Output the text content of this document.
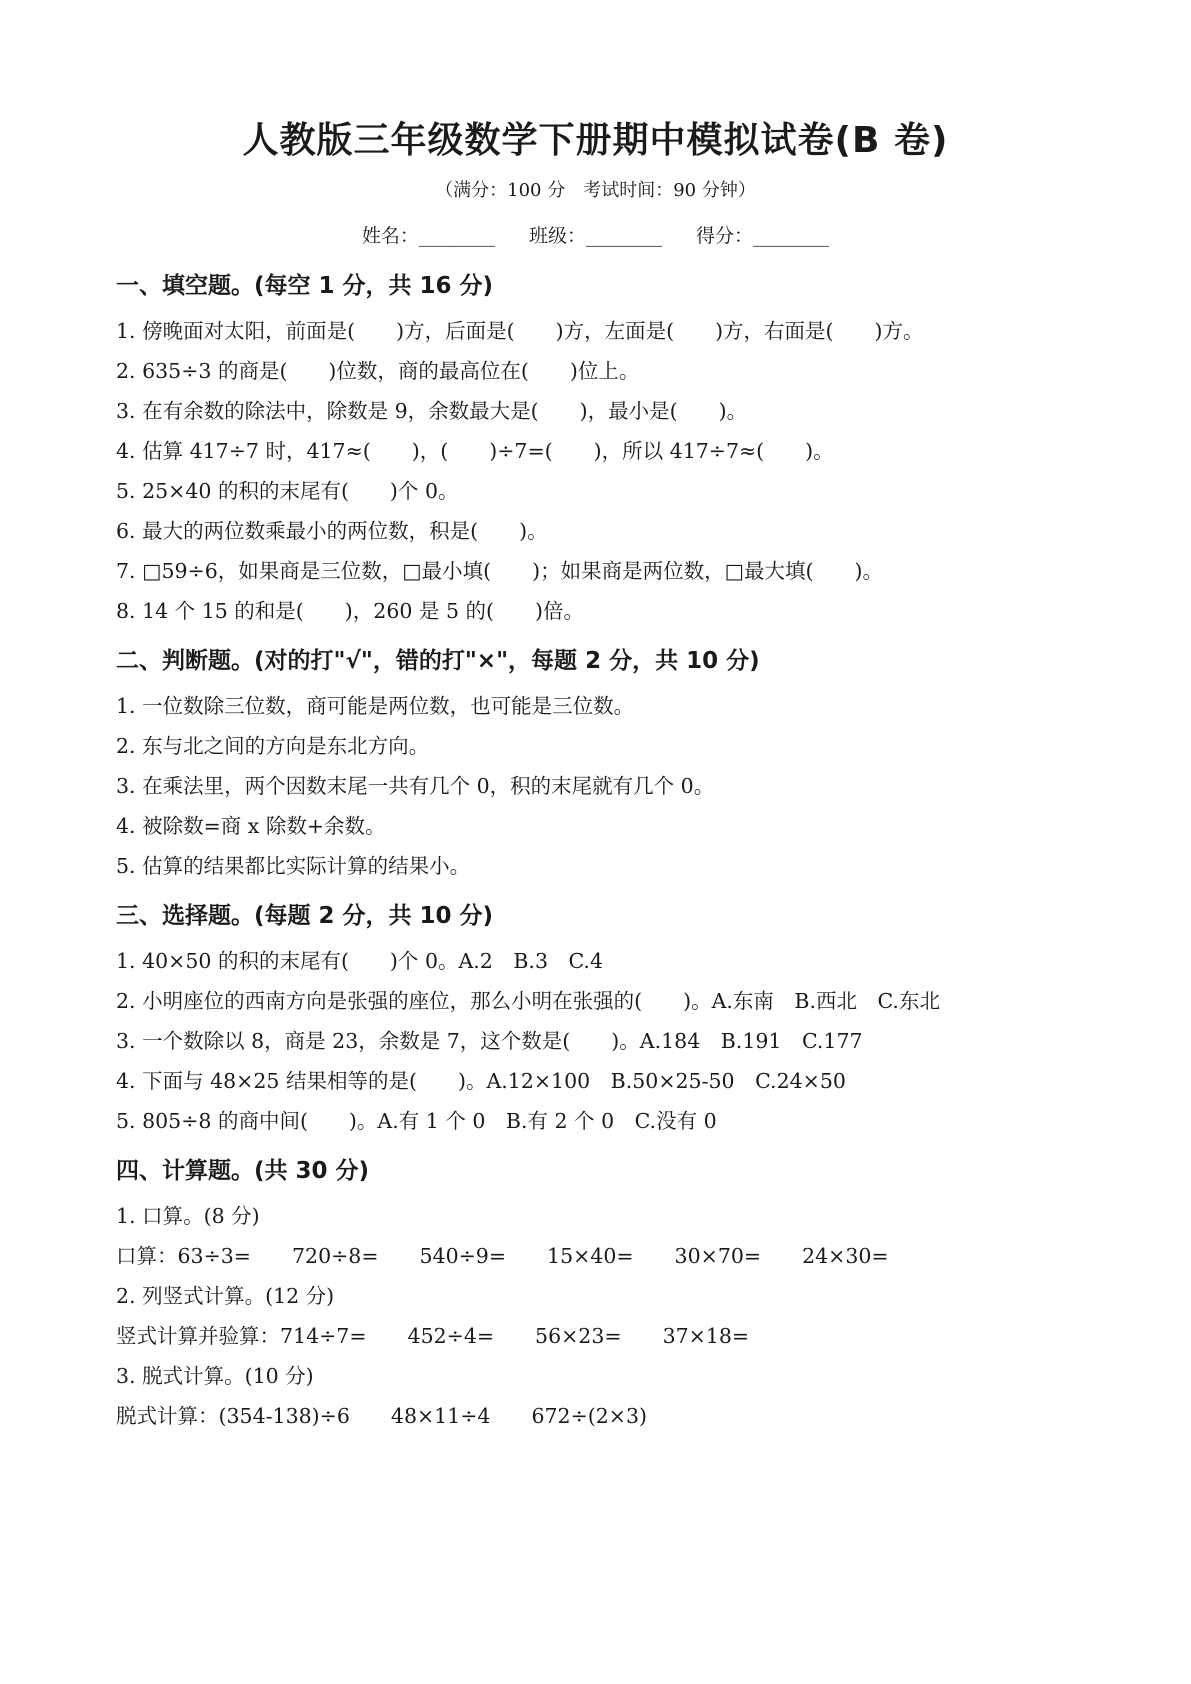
人教版三年级数学下册期中模拟试卷(B 卷)
（满分：100 分　考试时间：90 分钟）
姓名：________ 班级：________ 得分：________
一、填空题。(每空 1 分，共 16 分)
1. 傍晚面对太阳，前面是(　　)方，后面是(　　)方，左面是(　　)方，右面是(　　)方。
2. 635÷3 的商是(　　)位数，商的最高位在(　　)位上。
3. 在有余数的除法中，除数是 9，余数最大是(　　)，最小是(　　)。
4. 估算 417÷7 时，417≈(　　)，(　　)÷7=(　　)，所以 417÷7≈(　　)。
5. 25×40 的积的末尾有(　　)个 0。
6. 最大的两位数乘最小的两位数，积是(　　)。
7. □59÷6，如果商是三位数，□最小填(　　)；如果商是两位数，□最大填(　　)。
8. 14 个 15 的和是(　　)，260 是 5 的(　　)倍。
二、判断题。(对的打"√"，错的打"×"，每题 2 分，共 10 分)
1. 一位数除三位数，商可能是两位数，也可能是三位数。
2. 东与北之间的方向是东北方向。
3. 在乘法里，两个因数末尾一共有几个 0，积的末尾就有几个 0。
4. 被除数=商 x 除数+余数。
5. 估算的结果都比实际计算的结果小。
三、选择题。(每题 2 分，共 10 分)
1. 40×50 的积的末尾有(　　)个 0。A.2　B.3　C.4
2. 小明座位的西南方向是张强的座位，那么小明在张强的(　　)。A.东南　B.西北　C.东北
3. 一个数除以 8，商是 23，余数是 7，这个数是(　　)。A.184　B.191　C.177
4. 下面与 48×25 结果相等的是(　　)。A.12×100　B.50×25-50　C.24×50
5. 805÷8 的商中间(　　)。A.有 1 个 0　B.有 2 个 0　C.没有 0
四、计算题。(共 30 分)
1. 口算。(8 分)
口算：63÷3=　　720÷8=　　540÷9=　　15×40=　　30×70=　　24×30=
2. 列竖式计算。(12 分)
竖式计算并验算：714÷7=　　452÷4=　　56×23=　　37×18=
3. 脱式计算。(10 分)
脱式计算：(354-138)÷6　　48×11÷4　　672÷(2×3)
